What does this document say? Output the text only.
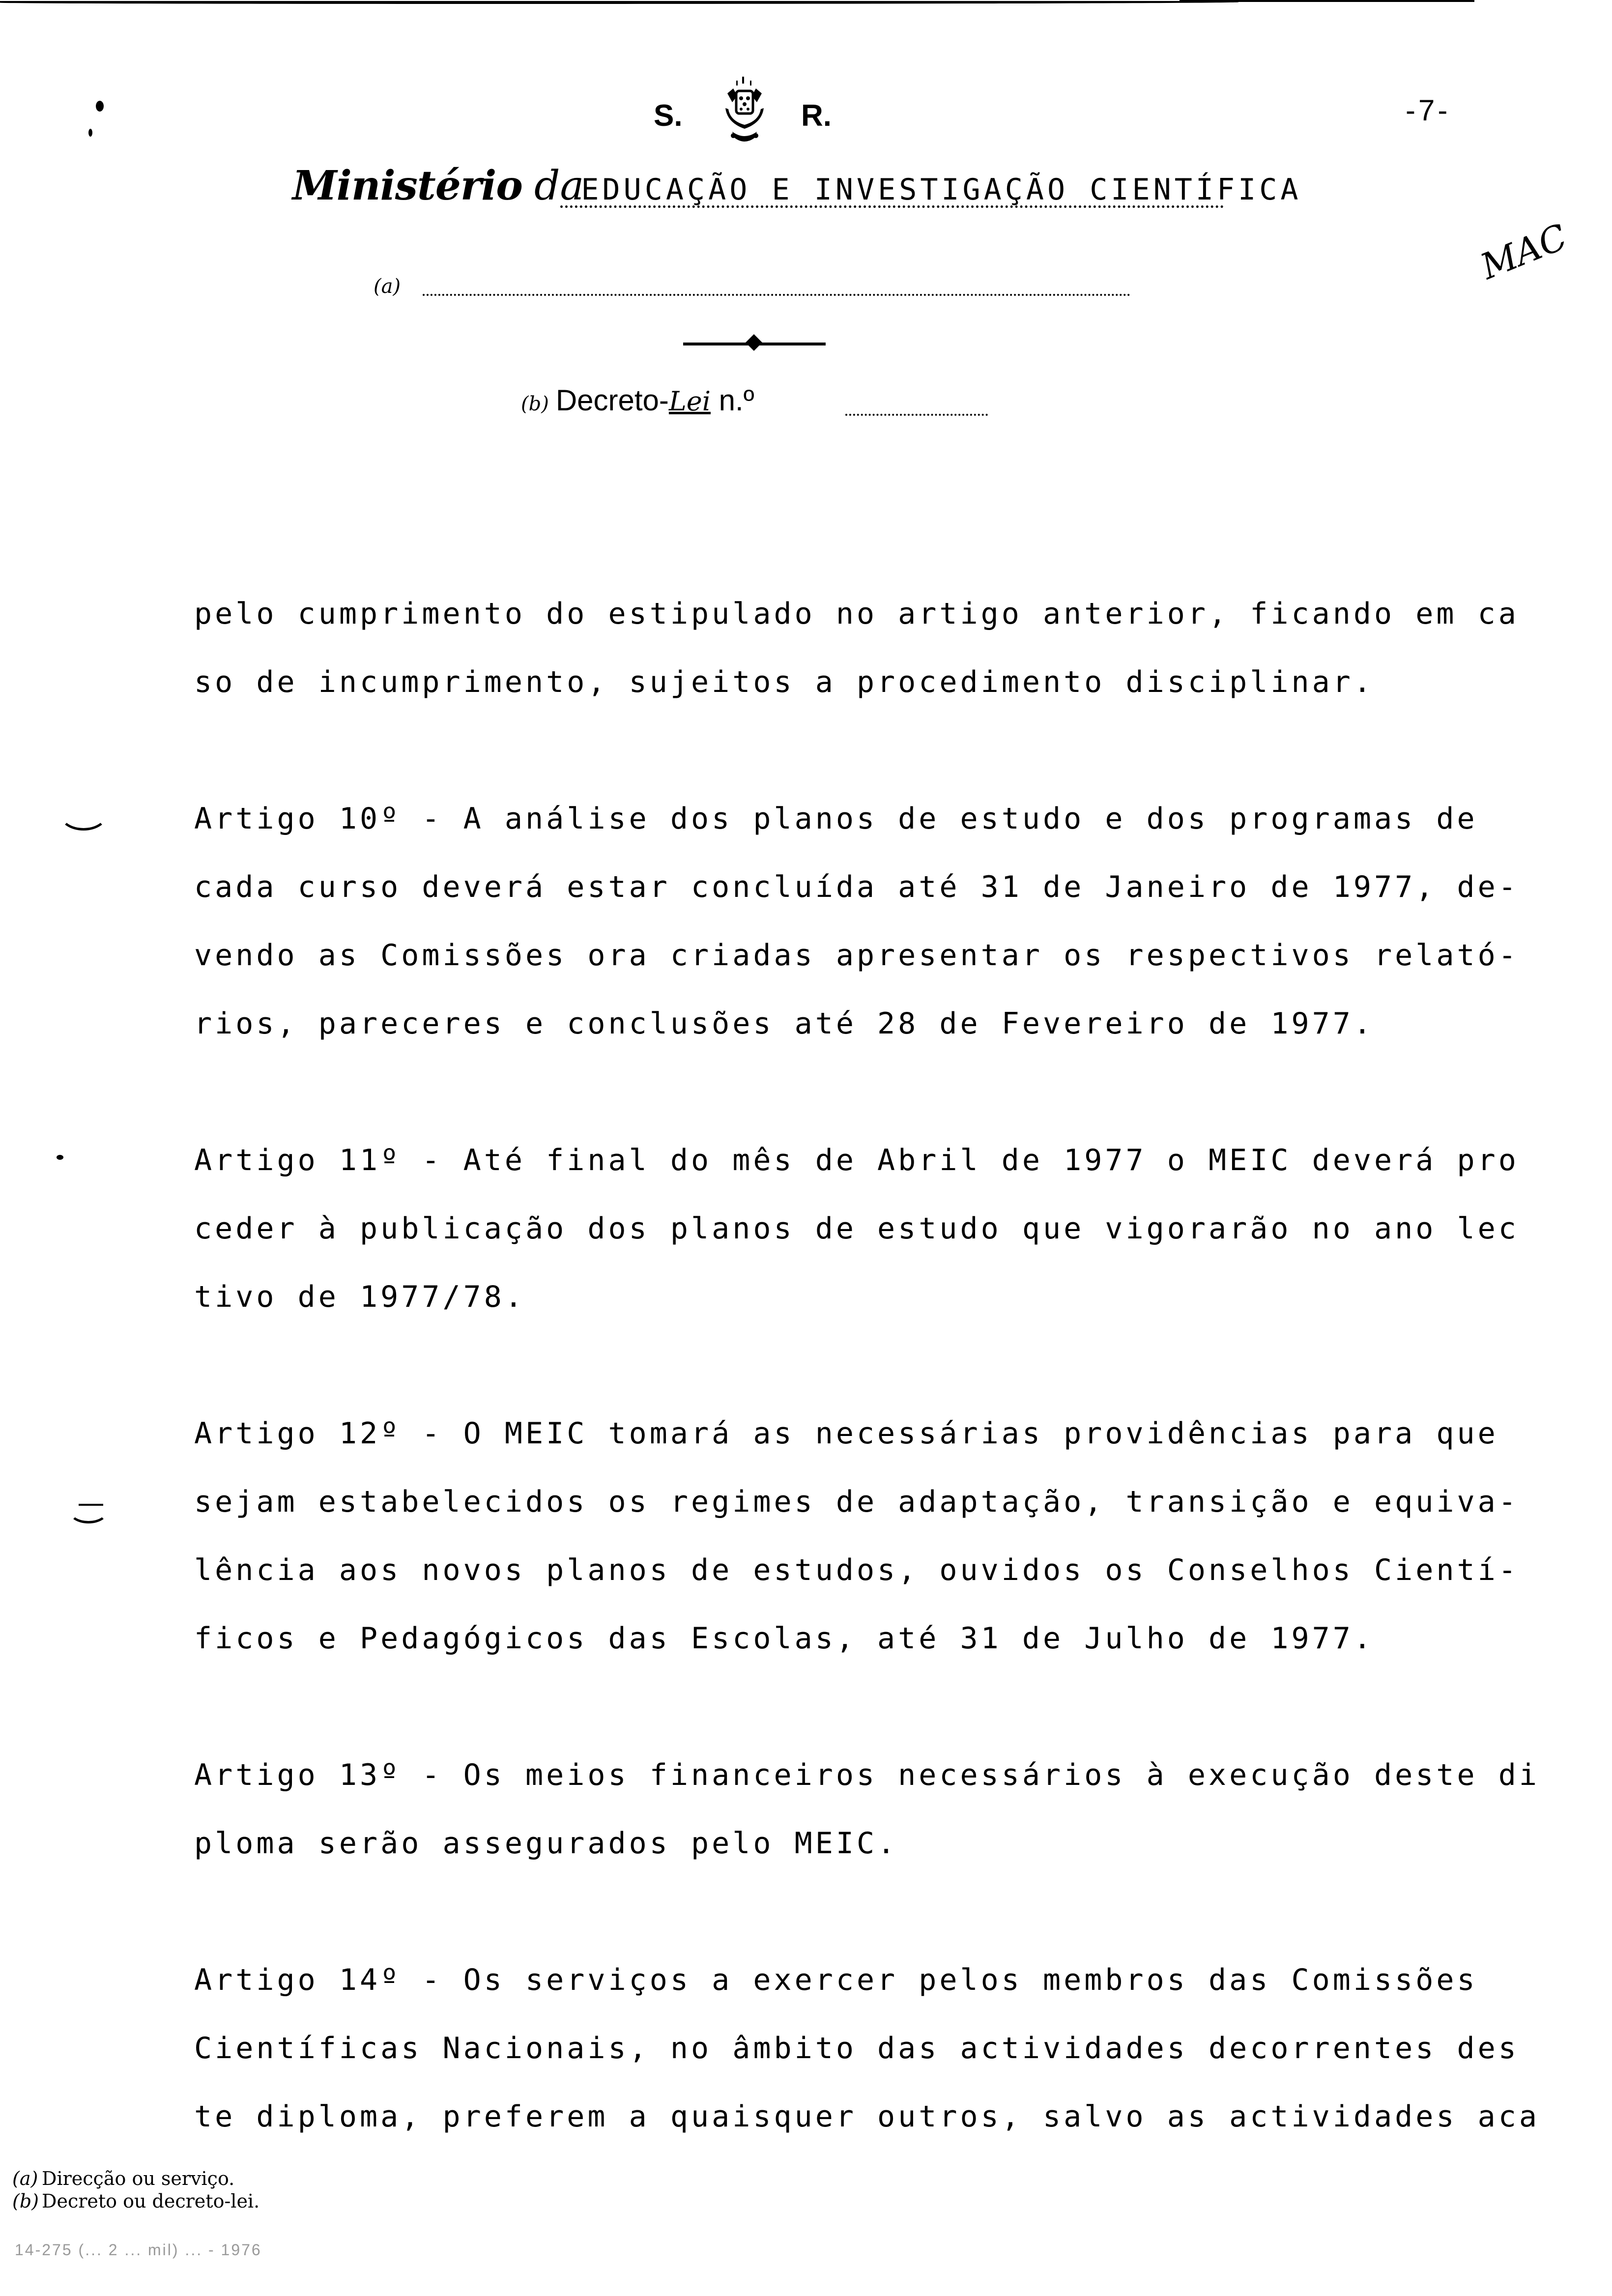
S.	R.	-7-
Ministério daEDUCAÇÃO E INVESTIGAÇÃO CIENTÍFICA
(a)
(b) Decreto-Lei n.º
MAC
pelo cumprimento do estipulado no artigo anterior, ficando em ca
so de incumprimento, sujeitos a procedimento disciplinar.
Artigo 10º - A análise dos planos de estudo e dos programas de
cada curso deverá estar concluída até 31 de Janeiro de 1977, de-
vendo as Comissões ora criadas apresentar os respectivos relató-
rios, pareceres e conclusões até 28 de Fevereiro de 1977.
Artigo 11º - Até final do mês de Abril de 1977 o MEIC deverá pro
ceder à publicação dos planos de estudo que vigorarão no ano lec
tivo de 1977/78.
Artigo 12º - O MEIC tomará as necessárias providências para que
sejam estabelecidos os regimes de adaptação, transição e equiva-
lência aos novos planos de estudos, ouvidos os Conselhos Cientí-
ficos e Pedagógicos das Escolas, até 31 de Julho de 1977.
Artigo 13º - Os meios financeiros necessários à execução deste di
ploma serão assegurados pelo MEIC.
Artigo 14º - Os serviços a exercer pelos membros das Comissões
Científicas Nacionais, no âmbito das actividades decorrentes des
te diploma, preferem a quaisquer outros, salvo as actividades aca
(a) Direcção ou serviço.
(b) Decreto ou decreto-lei.
14-275 (... 2 ... mil) ... - 1976
